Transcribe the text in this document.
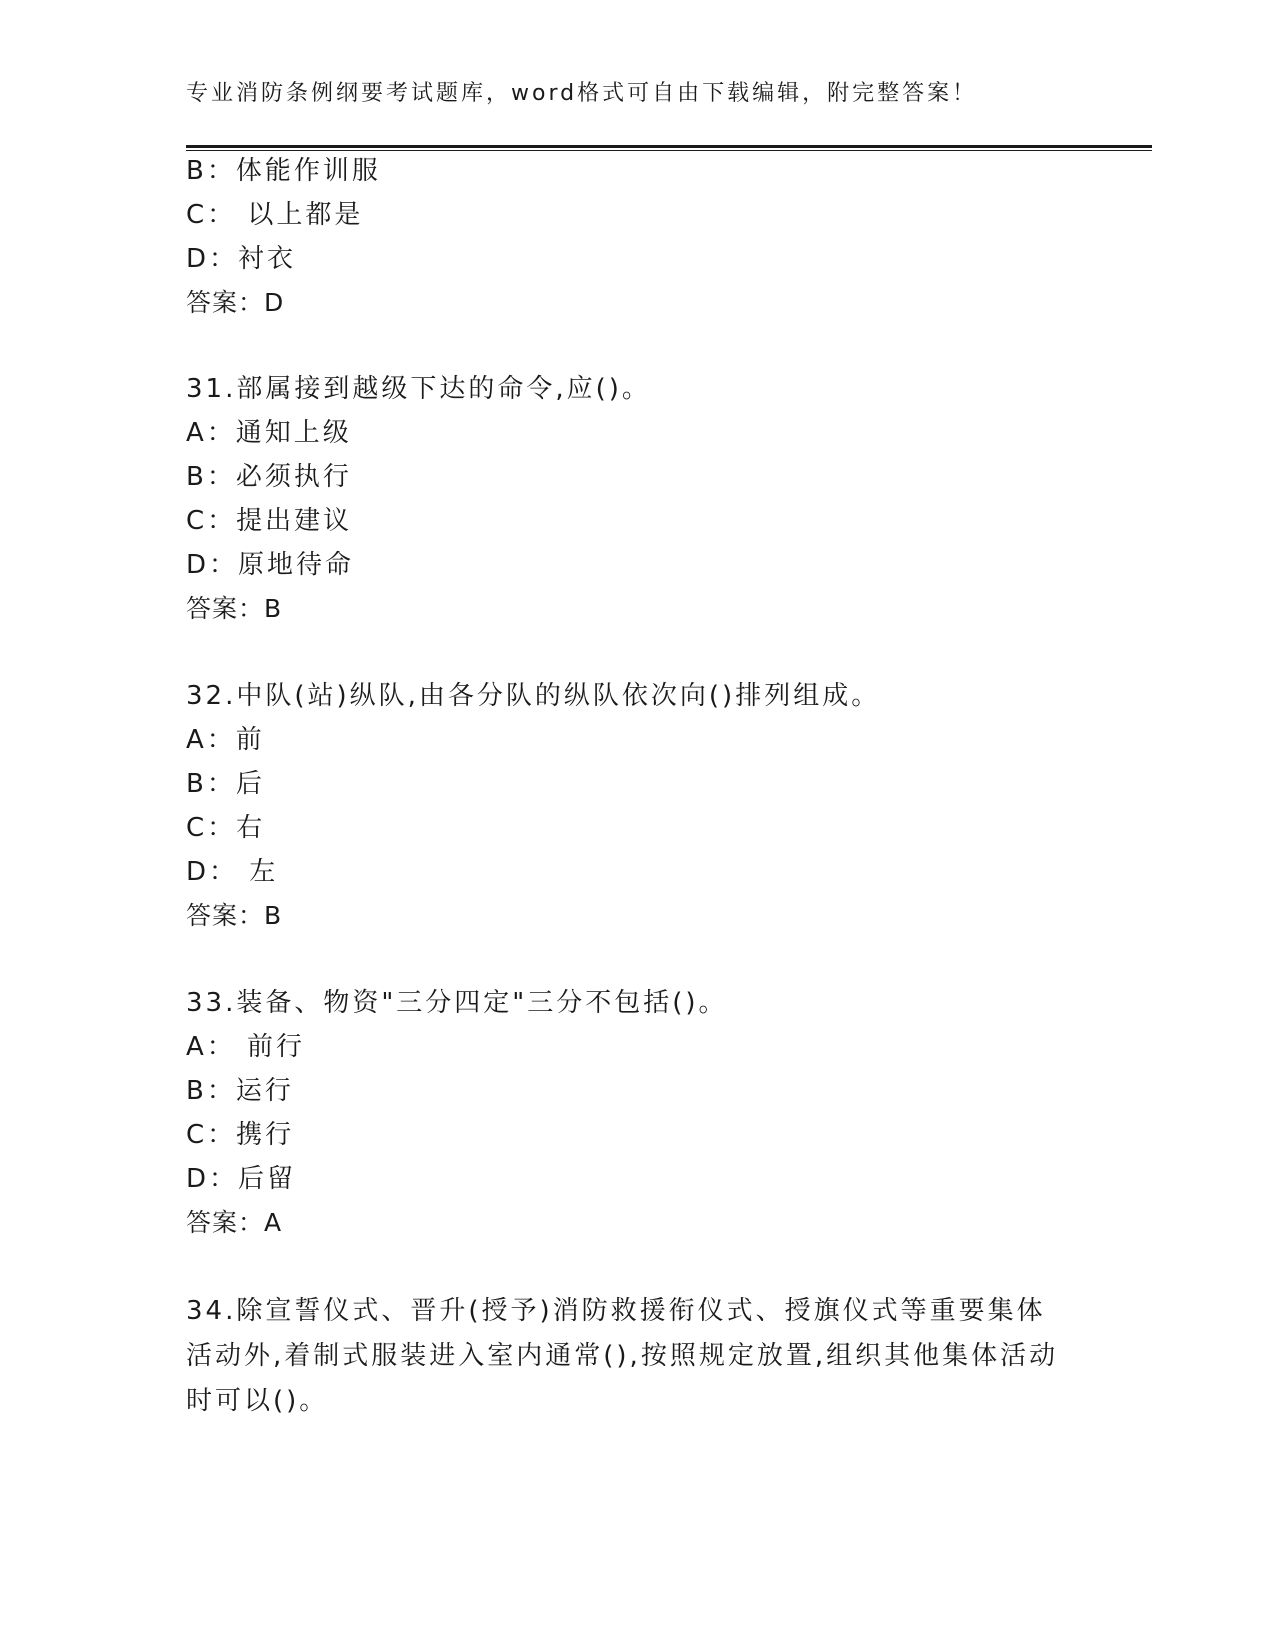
专业消防条例纲要考试题库，word格式可自由下载编辑，附完整答案！
B：体能作训服
C： 以上都是
D：衬衣
答案：D
31.部属接到越级下达的命令,应()。
A：通知上级
B：必须执行
C：提出建议
D：原地待命
答案：B
32.中队(站)纵队,由各分队的纵队依次向()排列组成。
A：前
B：后
C：右
D： 左
答案：B
33.装备、物资"三分四定"三分不包括()。
A： 前行
B：运行
C：携行
D：后留
答案：A
34.除宣誓仪式、晋升(授予)消防救援衔仪式、授旗仪式等重要集体
活动外,着制式服装进入室内通常(),按照规定放置,组织其他集体活动
时可以()。
